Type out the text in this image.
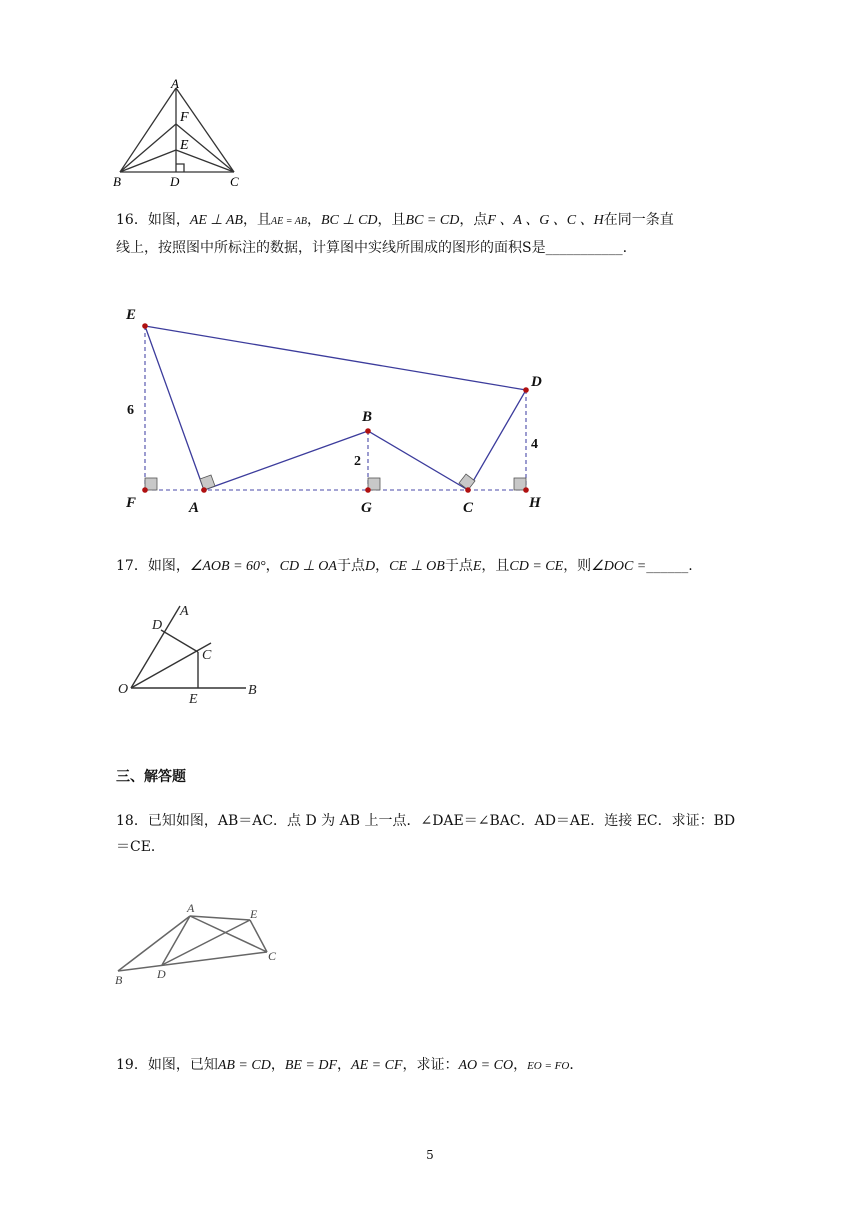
A
F
E
B	D	C
16．如图，AE ⊥ AB，且AE = AB，BC ⊥ CD，且BC = CD，点F 、A 、G 、C 、H在同一条直
线上，按照图中所标注的数据，计算图中实线所围成的图形的面积S是___________.
E
D
B
F	A	G	C	H
6
2
4
17．如图，∠AOB = 60°，CD ⊥ OA于点D，CE ⊥ OB于点E，且CD = CE，则∠DOC =______.
A
D
C
O
E
B
三、解答题
18．已知如图，AB＝AC．点 D 为 AB 上一点．∠DAE＝∠BAC．AD＝AE．连接 EC．求证：BD
＝CE．
A	E
C
B	D
19．如图，已知AB = CD，BE = DF，AE = CF，求证：AO = CO，EO = FO．
5
